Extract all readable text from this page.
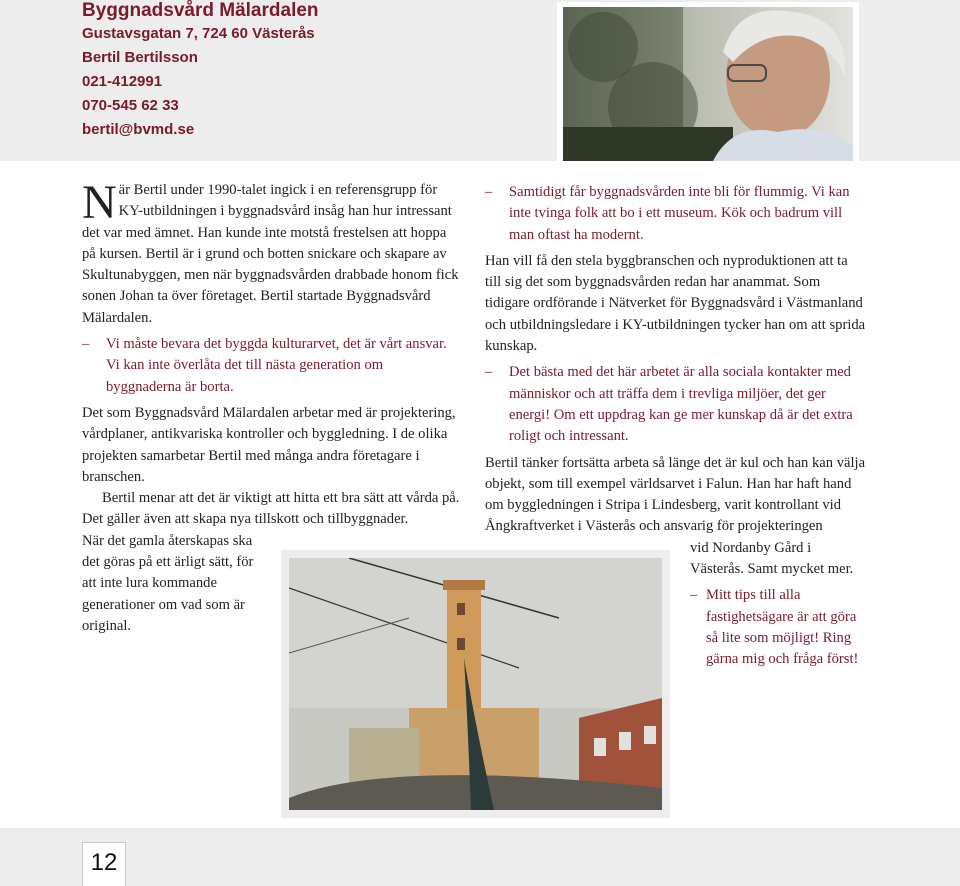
Byggnadsvård Mälardalen
Gustavsgatan 7, 724 60 Västerås
Bertil Bertilsson
021-412991
070-545 62 33
bertil@bvmd.se

När Bertil under 1990-talet ingick i en referensgrupp för KY-utbildningen i byggnadsvård insåg han hur intressant det var med ämnet. Han kunde inte motstå frestelsen att hoppa på kursen. Bertil är i grund och botten snickare och skapare av Skultunabyggen, men när byggnadsvården drabbade honom fick sonen Johan ta över företaget. Bertil startade Byggnadsvård Mälardalen.

– Vi måste bevara det byggda kulturarvet, det är vårt ansvar. Vi kan inte överlåta det till nästa generation om byggnaderna är borta.

Det som Byggnadsvård Mälardalen arbetar med är projektering, vårdplaner, antikvariska kontroller och byggledning. I de olika projekten samarbetar Bertil med många andra företagare i branschen.

Bertil menar att det är viktigt att hitta ett bra sätt att vårda på. Det gäller även att skapa nya tillskott och tillbyggnader.

När det gamla återskapas ska det göras på ett ärligt sätt, för att inte lura kommande generationer om vad som är original.

– Samtidigt får byggnadsvården inte bli för flummig. Vi kan inte tvinga folk att bo i ett museum. Kök och badrum vill man oftast ha modernt.

Han vill få den stela byggbranschen och nyproduktionen att ta till sig det som byggnadsvården redan har anammat. Som tidigare ordförande i Nätverket för Byggnadsvård i Västmanland och utbildningsledare i KY-utbildningen tycker han om att sprida kunskap.

– Det bästa med det här arbetet är alla sociala kontakter med människor och att träffa dem i trevliga miljöer, det ger energi! Om ett uppdrag kan ge mer kunskap då är det extra roligt och intressant.

Bertil tänker fortsätta arbeta så länge det är kul och han kan välja objekt, som till exempel världsarvet i Falun. Han har haft hand om byggledningen i Stripa i Lindesberg, varit kontrollant vid Ångkraftverket i Västerås och ansvarig för projekteringen

vid Nordanby Gård i Västerås. Samt mycket mer.

– Mitt tips till alla fastighetsägare är att göra så lite som möjligt! Ring gärna mig och fråga först!

12
